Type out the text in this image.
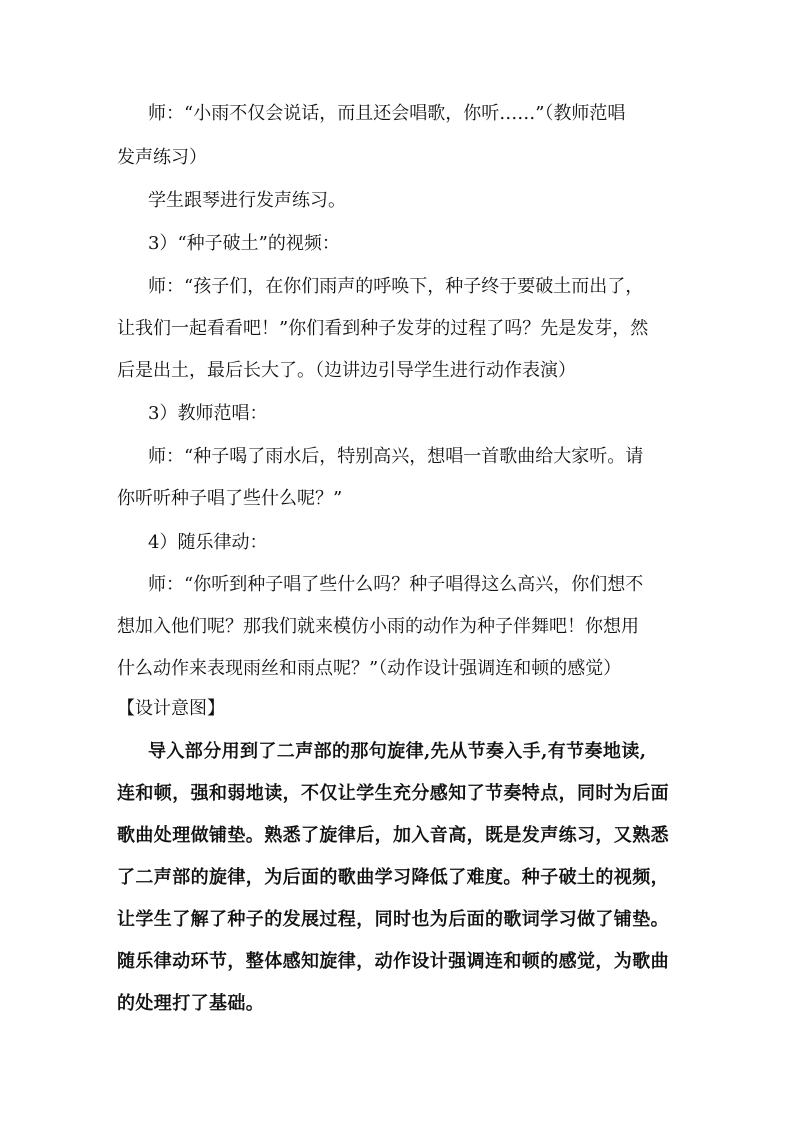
师：“小雨不仅会说话，而且还会唱歌，你听……”（教师范唱
发声练习）
学生跟琴进行发声练习。
3）“种子破土”的视频：
师：“孩子们，在你们雨声的呼唤下，种子终于要破土而出了，
让我们一起看看吧！”你们看到种子发芽的过程了吗？先是发芽，然
后是出土，最后长大了。（边讲边引导学生进行动作表演）
3）教师范唱：
师：“种子喝了雨水后，特别高兴，想唱一首歌曲给大家听。请
你听听种子唱了些什么呢？”
4）随乐律动：
师：“你听到种子唱了些什么吗？种子唱得这么高兴，你们想不
想加入他们呢？那我们就来模仿小雨的动作为种子伴舞吧！你想用
什么动作来表现雨丝和雨点呢？”（动作设计强调连和顿的感觉）
【设计意图】
导入部分用到了二声部的那句旋律,先从节奏入手,有节奏地读,
连和顿，强和弱地读，不仅让学生充分感知了节奏特点，同时为后面
歌曲处理做铺垫。熟悉了旋律后，加入音高，既是发声练习，又熟悉
了二声部的旋律，为后面的歌曲学习降低了难度。种子破土的视频，
让学生了解了种子的发展过程，同时也为后面的歌词学习做了铺垫。
随乐律动环节，整体感知旋律，动作设计强调连和顿的感觉，为歌曲
的处理打了基础。
